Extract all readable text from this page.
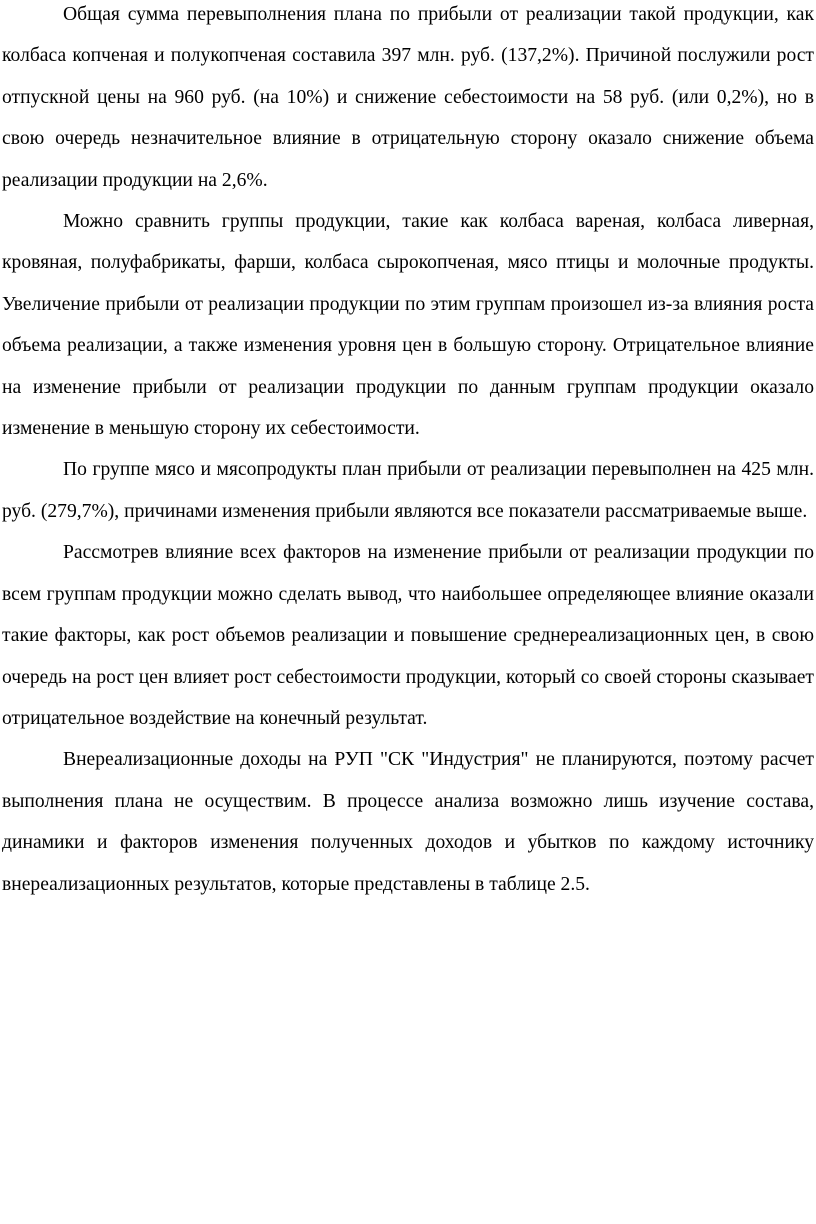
Общая сумма перевыполнения плана по прибыли от реализации такой продукции, как колбаса копченая и полукопченая составила 397 млн. руб. (137,2%). Причиной послужили рост отпускной цены на 960 руб. (на 10%) и снижение себестоимости на 58 руб. (или 0,2%), но в свою очередь незначительное влияние в отрицательную сторону оказало снижение объема реализации продукции на 2,6%.

Можно сравнить группы продукции, такие как колбаса вареная, колбаса ливерная, кровяная, полуфабрикаты, фарши, колбаса сырокопченая, мясо птицы и молочные продукты. Увеличение прибыли от реализации продукции по этим группам произошел из-за влияния роста объема реализации, а также изменения уровня цен в большую сторону. Отрицательное влияние на изменение прибыли от реализации продукции по данным группам продукции оказало изменение в меньшую сторону их себестоимости.

По группе мясо и мясопродукты план прибыли от реализации перевыполнен на 425 млн. руб. (279,7%), причинами изменения прибыли являются все показатели рассматриваемые выше.

Рассмотрев влияние всех факторов на изменение прибыли от реализации продукции по всем группам продукции можно сделать вывод, что наибольшее определяющее влияние оказали такие факторы, как рост объемов реализации и повышение среднереализационных цен, в свою очередь на рост цен влияет рост себестоимости продукции, который со своей стороны сказывает отрицательное воздействие на конечный результат.

Внереализационные доходы на РУП "СК "Индустрия" не планируются, поэтому расчет выполнения плана не осуществим. В процессе анализа возможно лишь изучение состава, динамики и факторов изменения полученных доходов и убытков по каждому источнику внереализационных результатов, которые представлены в таблице 2.5.
